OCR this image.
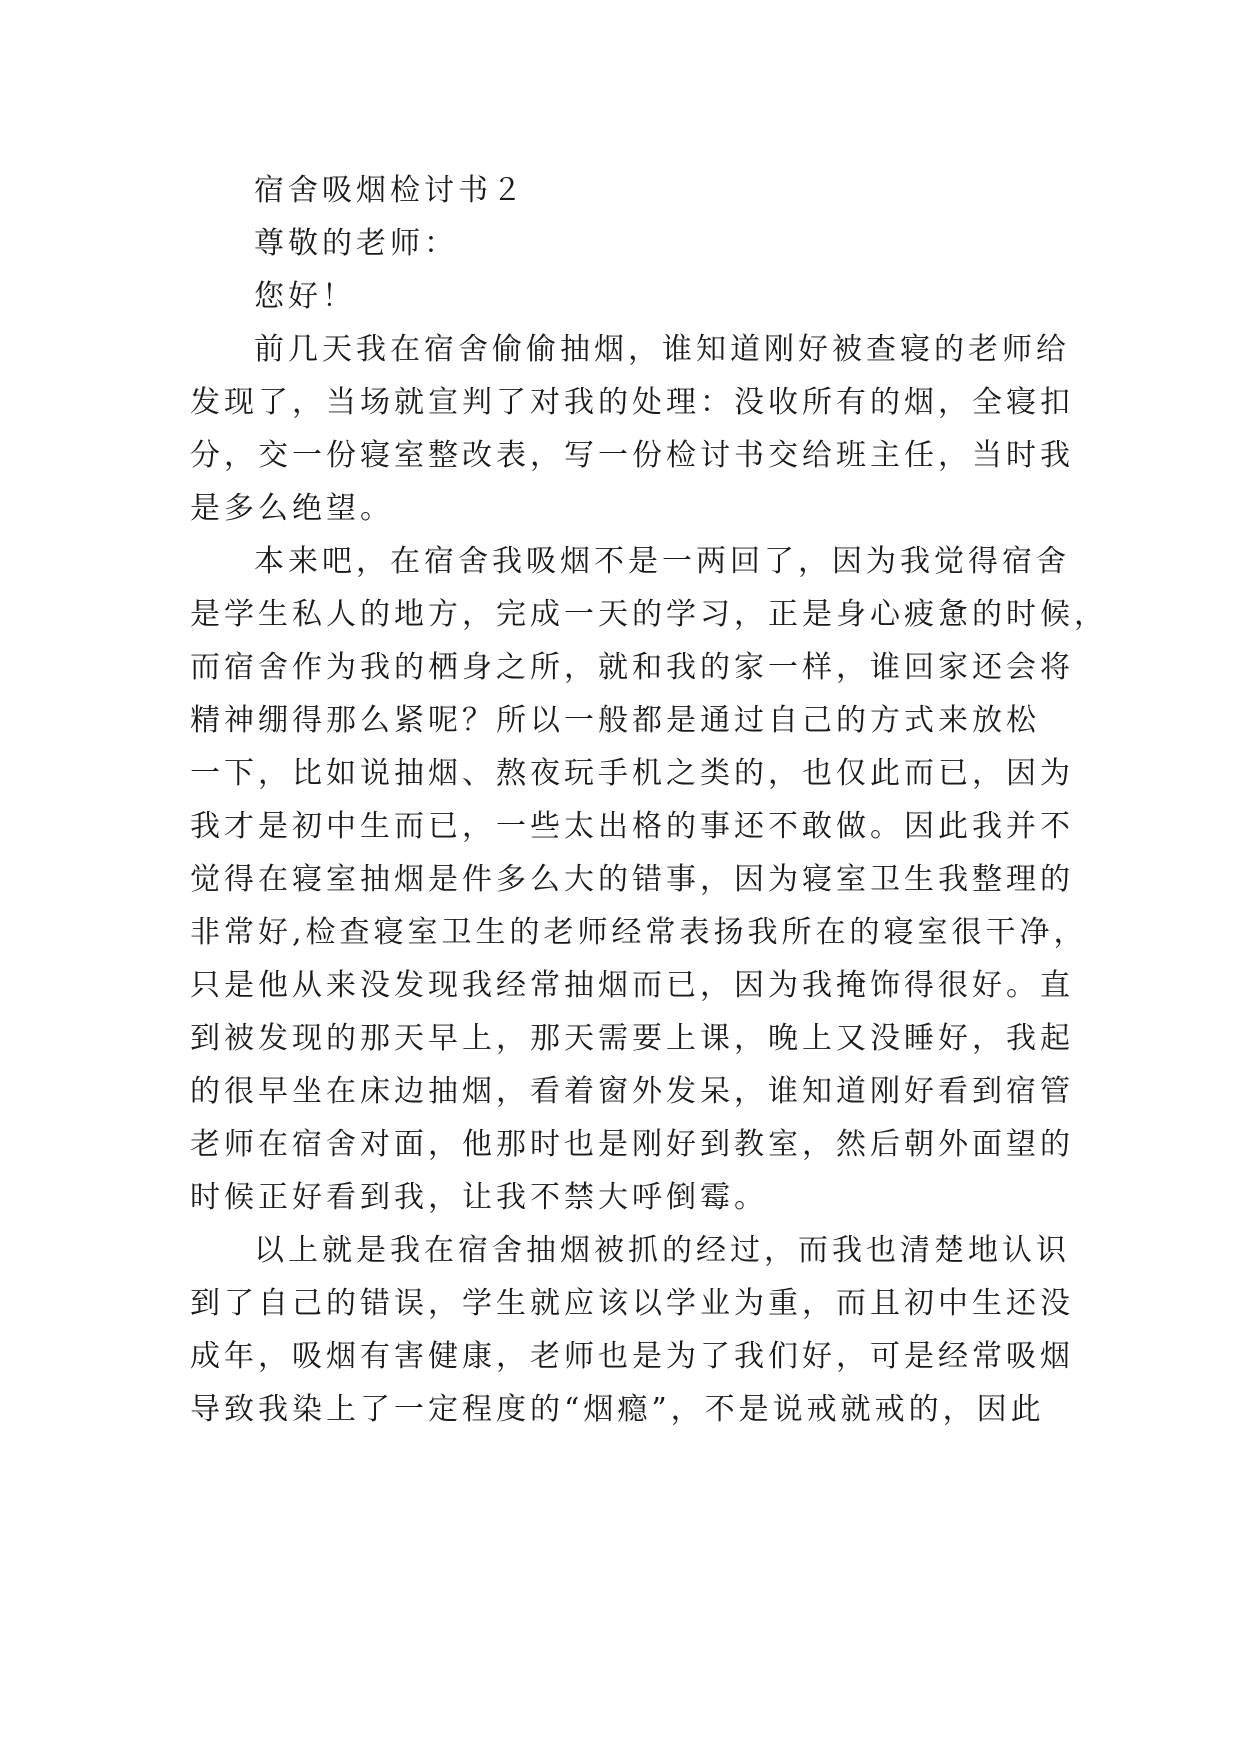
宿舍吸烟检讨书２
尊敬的老师：
您好！
前几天我在宿舍偷偷抽烟，谁知道刚好被查寝的老师给
发现了，当场就宣判了对我的处理：没收所有的烟，全寝扣
分，交一份寝室整改表，写一份检讨书交给班主任，当时我
是多么绝望。
本来吧，在宿舍我吸烟不是一两回了，因为我觉得宿舍
是学生私人的地方，完成一天的学习，正是身心疲惫的时候，
而宿舍作为我的栖身之所，就和我的家一样，谁回家还会将
精神绷得那么紧呢？所以一般都是通过自己的方式来放松
一下，比如说抽烟、熬夜玩手机之类的，也仅此而已，因为
我才是初中生而已，一些太出格的事还不敢做。因此我并不
觉得在寝室抽烟是件多么大的错事，因为寝室卫生我整理的
非常好,检查寝室卫生的老师经常表扬我所在的寝室很干净，
只是他从来没发现我经常抽烟而已，因为我掩饰得很好。直
到被发现的那天早上，那天需要上课，晚上又没睡好，我起
的很早坐在床边抽烟，看着窗外发呆，谁知道刚好看到宿管
老师在宿舍对面，他那时也是刚好到教室，然后朝外面望的
时候正好看到我，让我不禁大呼倒霉。
以上就是我在宿舍抽烟被抓的经过，而我也清楚地认识
到了自己的错误，学生就应该以学业为重，而且初中生还没
成年，吸烟有害健康，老师也是为了我们好，可是经常吸烟
导致我染上了一定程度的“烟瘾”，不是说戒就戒的，因此
